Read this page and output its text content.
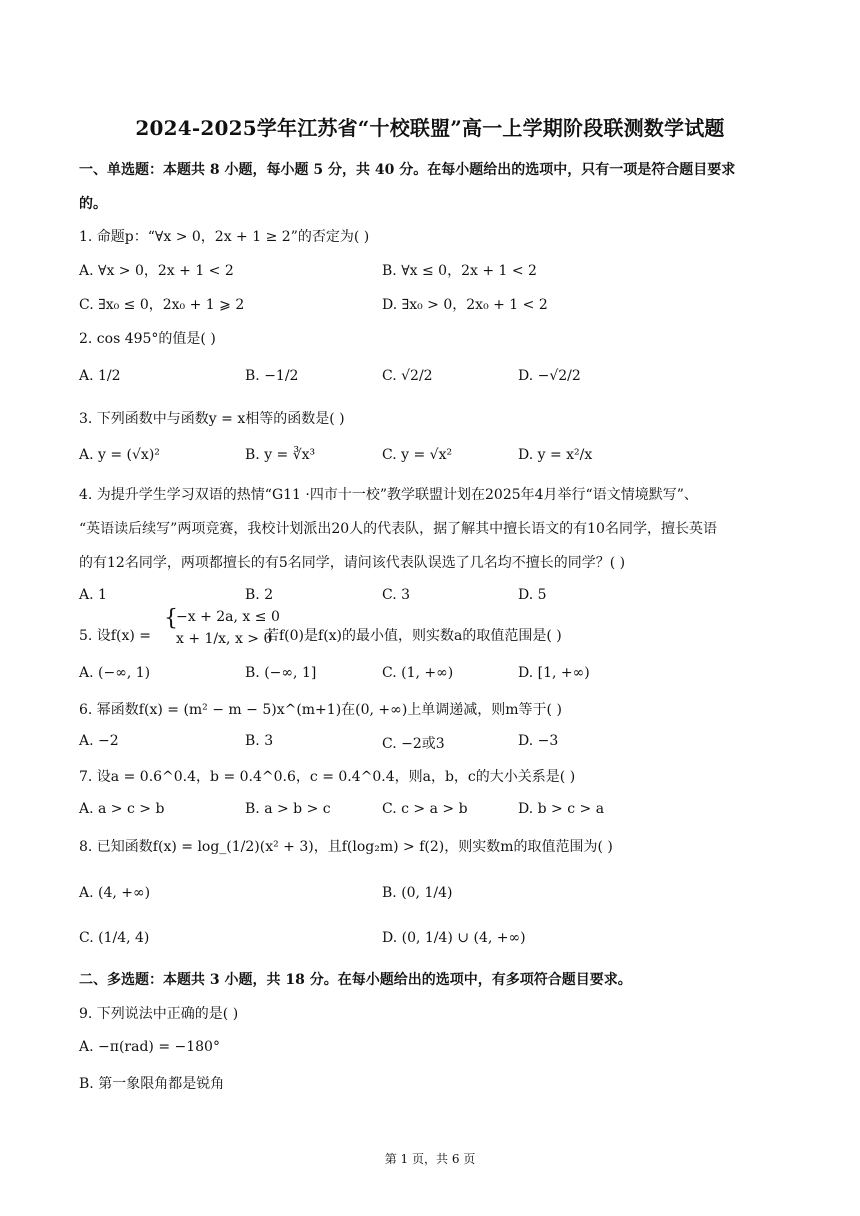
2024-2025学年江苏省“十校联盟”高一上学期阶段联测数学试题
一、单选题：本题共 8 小题，每小题 5 分，共 40 分。在每小题给出的选项中，只有一项是符合题目要求
的。
1. 命题p：“∀x > 0，2x + 1 ≥ 2”的否定为( )
A. ∀x > 0，2x + 1 < 2	B. ∀x ≤ 0，2x + 1 < 2
C. ∃x₀ ≤ 0，2x₀ + 1 ⩾ 2	D. ∃x₀ > 0，2x₀ + 1 < 2
2. cos 495°的值是( )
A. 1/2	B. −1/2	C. √2/2	D. −√2/2
3. 下列函数中与函数y = x相等的函数是( )
A. y = (√x)²	B. y = ∛x³	C. y = √x²	D. y = x²/x
4. 为提升学生学习双语的热情“G11 ·四市十一校”教学联盟计划在2025年4月举行“语文情境默写”、
“英语读后续写”两项竞赛，我校计划派出20人的代表队，据了解其中擅长语文的有10名同学，擅长英语
的有12名同学，两项都擅长的有5名同学，请问该代表队误选了几名均不擅长的同学？( )
A. 1	B. 2	C. 3	D. 5
5. 设f(x) =
{
−x + 2a, x ≤ 0
x + 1/x, x > 0
若f(0)是f(x)的最小值，则实数a的取值范围是( )
A. (−∞, 1)	B. (−∞, 1]	C. (1, +∞)	D. [1, +∞)
6. 幂函数f(x) = (m² − m − 5)x^(m+1)在(0, +∞)上单调递减，则m等于( )
A. −2	B. 3	C. −2或3	D. −3
7. 设a = 0.6^0.4，b = 0.4^0.6，c = 0.4^0.4，则a，b，c的大小关系是( )
A. a > c > b	B. a > b > c	C. c > a > b	D. b > c > a
8. 已知函数f(x) = log_(1/2)(x² + 3)，且f(log₂m) > f(2)，则实数m的取值范围为( )
A. (4, +∞)	B. (0, 1/4)
C. (1/4, 4)	D. (0, 1/4) ∪ (4, +∞)
二、多选题：本题共 3 小题，共 18 分。在每小题给出的选项中，有多项符合题目要求。
9. 下列说法中正确的是( )
A. −π(rad) = −180°
B. 第一象限角都是锐角
第 1 页，共 6 页
